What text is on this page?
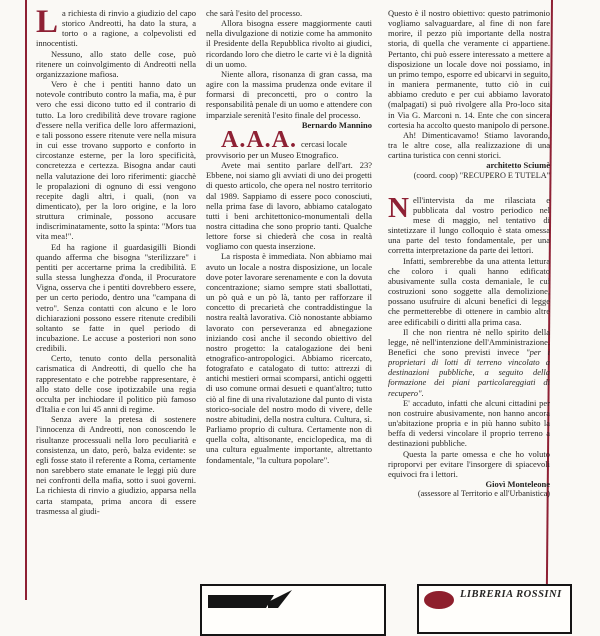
La richiesta di rinvio a giudizio del capo storico Andreotti, ha dato la stura, a torto o a ragione, a colpevolisti ed innocentisti.

Nessuno, allo stato delle cose, può ritenere un coinvolgimento di Andreotti nella organizzazione mafiosa.

Vero è che i pentiti hanno dato un notevole contributo contro la mafia, ma, è pur vero che essi dicono tutto ed il contrario di tutto. La loro credibilità deve trovare ragione d'essere nella verifica delle loro affermazioni, e tali possono essere ritenute vere nella misura in cui esse trovano supporto e conforto in circostanze esterne, per la loro specificità, concretezza e certezza. Bisogna andar cauti nella valutazione dei loro riferimenti: giacchè le propalazioni di ognuno di essi vengono recepite dagli altri, i quali, (non va dimenticato), per la loro origine, e la loro struttura criminale, possono accusare indiscriminatamente, sotto la spinta: "Mors tua vita mea!".

Ed ha ragione il guardasigilli Biondi quando afferma che bisogna "sterilizzare" i pentiti per accertarne prima la credibilità. E sulla stessa lunghezza d'onda, il Procuratore Vigna, osserva che i pentiti dovrebbero essere, per un certo periodo, dentro una "campana di vetro". Senza contatti con alcuno e le loro dichiarazioni possono essere ritenute credibili soltanto se fatte in quel periodo di incubazione. Le accuse a posteriori non sono credibili.

Certo, tenuto conto della personalità carismatica di Andreotti, di quello che ha rappresentato e che potrebbe rappresentare, è allo stato delle cose ipotizzabile una regia occulta per inchiodare il politico più famoso d'Italia e con lui 45 anni di regime.

Senza avere la pretesa di sostenere l'innocenza di Andreotti, non conoscendo le risultanze processuali nella loro peculiarità e consistenza, un dato, però, balza evidente: se egli fosse stato il referente a Roma, certamente non sarebbero state emanate le leggi più dure nei confronti della mafia, sotto i suoi governi. La richiesta di rinvio a giudizio, apparsa nella carta stampata, prima ancora di essere trasmessa al giudi-

che sarà l'esito del processo.

Allora bisogna essere maggiormente cauti nella divulgazione di notizie come ha ammonito il Presidente della Repubblica rivolto ai giudici, ricordando loro che dietro le carte vi è la dignità di un uomo.

Niente allora, risonanza di gran cassa, ma agire con la massima prudenza onde evitare il formarsi di preconcetti, pro o contro la responsabilità penale di un uomo e attendere con imparziale serenità l'esito finale del processo.

Bernardo Mannino

A.A.A. cercasi locale provvisorio per un Museo Etnografico.

Avete mai sentito parlare dell'art. 23? Ebbene, noi siamo gli avviati di uno dei progetti di questo articolo, che opera nel nostro territorio dal 1989. Sappiamo di essere poco conosciuti, nella prima fase di lavoro, abbiamo catalogato tutti i beni architettonico-monumentali della nostra cittadina che sono proprio tanti. Qualche lettore forse si chiederà che cosa in realtà vogliamo con questa inserzione.

La risposta è immediata. Non abbiamo mai avuto un locale a nostra disposizione, un locale dove poter lavorare serenamente e con la dovuta concentrazione; siamo sempre stati sballottati, un pò quà e un pò là, tanto per rafforzare il concetto di precarietà che contraddistingue la nostra realtà lavorativa. Ciò nonostante abbiamo lavorato con perseveranza ed abnegazione iniziando così anche il secondo obiettivo del nostro progetto: la catalogazione dei beni etnografico-antropologici. Abbiamo ricercato, fotografato e catalogato di tutto: attrezzi di antichi mestieri ormai scomparsi, antichi oggetti di uso comune ormai desueti e quant'altro; tutto ciò al fine di una rivalutazione dal punto di vista storico-sociale del nostro modo di vivere, delle nostre abitudini, della nostra cultura. Cultura, sì. Parliamo proprio di cultura. Certamente non di quella colta, altisonante, enciclopedica, ma di una cultura egualmente importante, altrettanto fondamentale, "la cultura popolare".

Questo è il nostro obiettivo: questo patrimonio vogliamo salvaguardare, al fine di non fare morire, il pezzo più importante della nostra storia, di quella che veramente ci appartiene. Pertanto, chi può essere interessato a mettere a disposizione un locale dove noi possiamo, in un primo tempo, esporre ed ubicarvi in seguito, in maniera permanente, tutto ciò in cui abbiamo creduto e per cui abbiamo lavorato (malpagati) si può rivolgere alla Pro-loco sita in Via G. Marconi n. 14. Ente che con sincera cortesia ha accolto questo manipolo di persone.

Ah! Dimenticavamo! Stiamo lavorando, tra le altre cose, alla realizzazione di una cartina turistica con cenni storici.

architetto Sciumè

(coord. coop) "RECUPERO E TUTELA"

Nell'intervista da me rilasciata e pubblicata dal vostro periodico nel mese di maggio, nel tentativo di sintetizzare il lungo colloquio è stata omessa una parte del testo fondamentale, per una corretta interpretazione da parte dei lettori.

Infatti, sembrerebbe da una attenta lettura che coloro i quali hanno edificato abusivamente sulla costa demaniale, le cui costruzioni sono soggette alla demolizione, possano usufruire di alcuni benefici di legge che permetterebbe di ottenere in cambio altre aree edificabili o diritti alla prima casa.

Il che non rientra nè nello spirito della legge, nè nell'intenzione dell'Amministrazione. Benefici che sono previsti invece "per i proprietari di lotti di terreno vincolato a destinazioni pubbliche, a seguito della formazione dei piani particolareggiati di recupero".

E' accaduto, infatti che alcuni cittadini per non costruire abusivamente, non hanno ancora un'abitazione propria e in più hanno subìto la beffa di vedersi vincolare il proprio terreno a destinazioni pubbliche.

Questa la parte omessa e che ho voluto riproporvi per evitare l'insorgere di spiacevoli equivoci fra i lettori.

Giovì Monteleone

(assessore al Territorio e all'Urbanistica)

LIBRERIA ROSSINI
